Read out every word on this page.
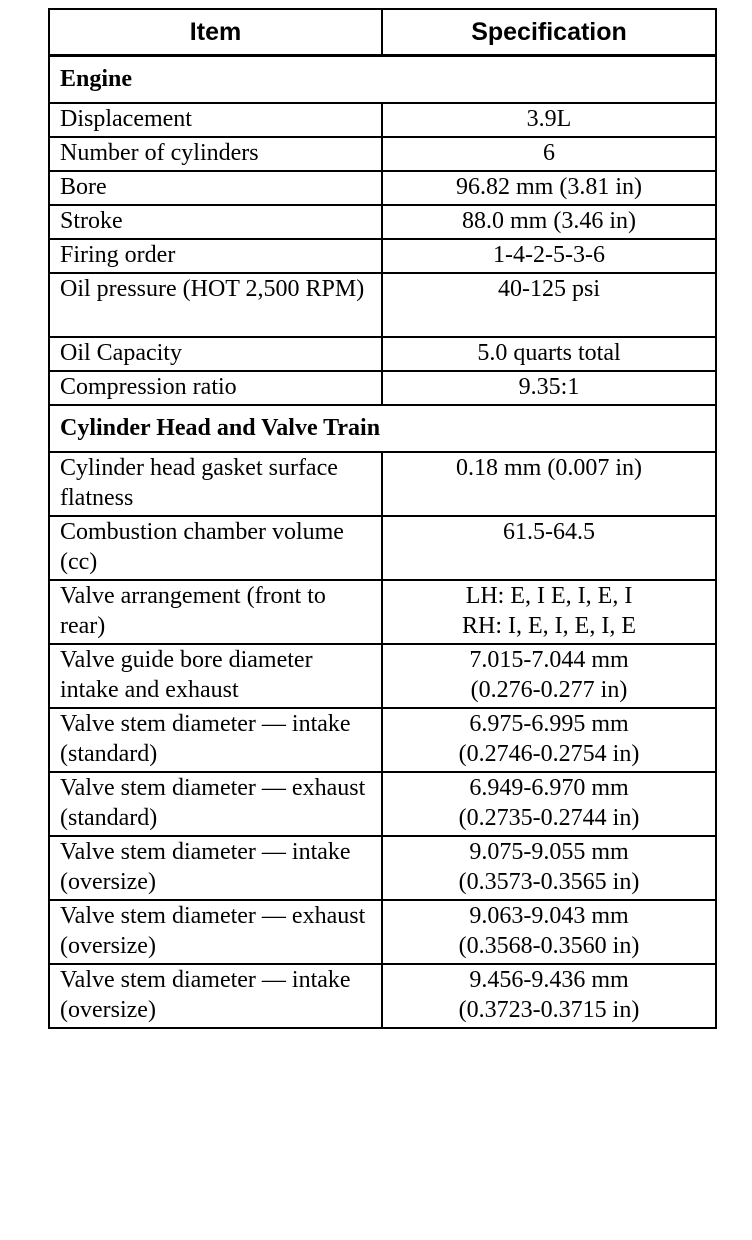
Item	Specification
Engine	
Displacement	3.9L

Number of cylinders	6

Bore	96.82 mm (3.81 in)

Stroke	88.0 mm (3.46 in)

Firing order	1-4-2-5-3-6

Oil pressure (HOT 2,500 RPM)	40-125 psi

Oil Capacity	5.0 quarts total

Compression ratio	9.35:1

Cylinder Head and Valve Train	
Cylinder head gasket surface flatness	0.18 mm (0.007 in)

Combustion chamber volume (cc)	61.5-64.5

Valve arrangement (front to rear)	LH: E, I E, I, E, I
RH: I, E, I, E, I, E

Valve guide bore diameter intake and exhaust	7.015-7.044 mm
(0.276-0.277 in)

Valve stem diameter — intake (standard)	6.975-6.995 mm
(0.2746-0.2754 in)

Valve stem diameter — exhaust (standard)	6.949-6.970 mm
(0.2735-0.2744 in)

Valve stem diameter — intake (oversize)	9.075-9.055 mm
(0.3573-0.3565 in)

Valve stem diameter — exhaust (oversize)	9.063-9.043 mm
(0.3568-0.3560 in)

Valve stem diameter — intake (oversize)	9.456-9.436 mm
(0.3723-0.3715 in)
